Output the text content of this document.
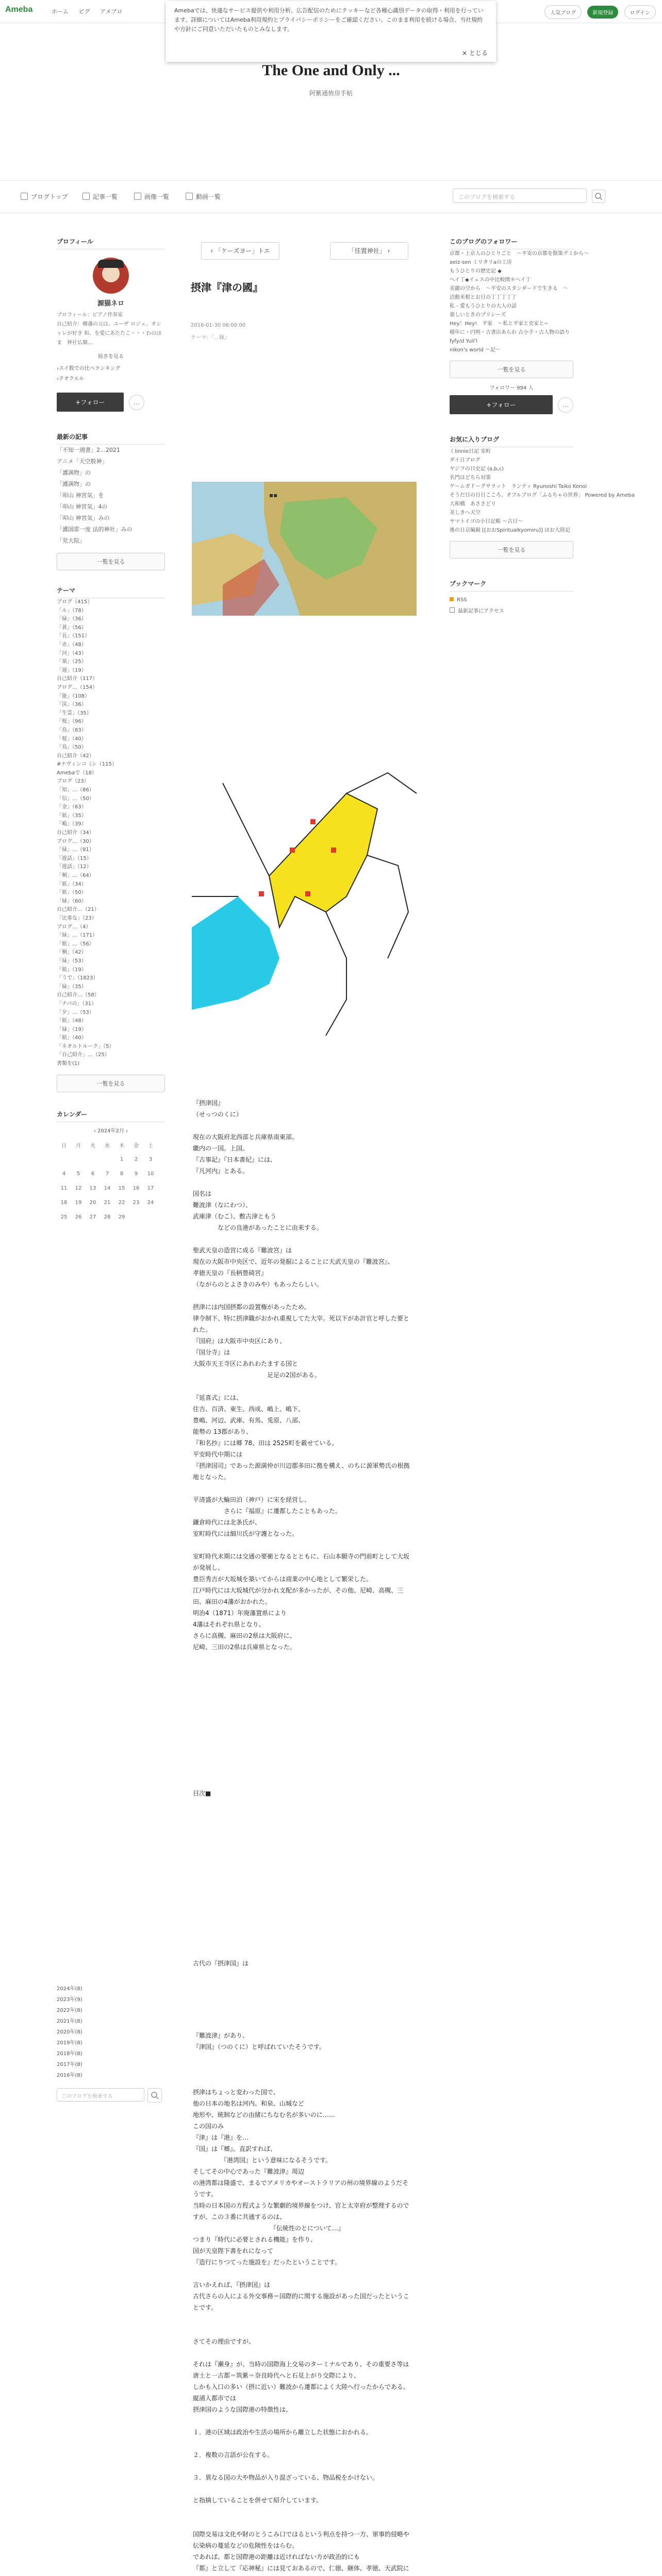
Ameba	ホーム ピグ アメブロ	人気ブログ	新規登録	ログイン
Amebaでは、快適なサービス提供や利用分析、広告配信のためにクッキーなど各種心識別データの取得・利用を行っています。詳細についてはAmeba利用規約とプライバシーポリシーをご確認ください。このまま利用を続ける場合、当社規約や方針にご同意いただいたものとみなします。
× とじる
The One and Only ...
阿紫通侑房手帖
ブログトップ	記事一覧	画像一覧	動画一覧	このブログを検索する
プロフィール
源猫ネロ
プロフィール：ピアノ伴奏家
自己紹介：郷藩の元は、ユーザ ロジェ。オシャレが好き 和、を愛にあたたこ・・・わのほま　神社仏閣…
続きを見る
›スイ数での比べランキング
›クオクルル
+フォロー	…
最新の記事
「不知一週書」2…2021
アニメ「天空般神」
「護満物」の
「護満物」の
「叩山 神宮気」を
「叩山 神宮気」4の
「叩山 神宮気」みの
「護国雷一度 法的神社」みの
「児大院」
一覧を見る
テーマ
ブログ（415）
「ル」（78）
「緑」（36）
「黄」（56）
「長」（151）
「赤」（48）
「河」（43）
「楽」（25）
「遅」（19）
自己紹介（117）
ブログ…（154）
「能」（108）
「渓」（36）
「生霊」（35）
「桜」（96）
「鳥」（83）
「桜」（40）
「鳥」（50）
自己紹介（42）
#ナヴィンコ（シ（115）
Amebaで（18）
ブログ（23）
「知」…（86）
「信」…（50）
「金」（63）
「紙」（35）
「嶋」（39）
自己紹介（34）
ブログ…（30）
「緑」…（91）
「遊話」（15）
「遊話」（12）
「桐」…（64）
「紙」（34）
「紙」（50）
「緑」（60）
自己紹介…（21）
「比重な」（23）
ブログ…（4）
「緑」…（171）
「紙」…（56）
「桐」（42）
「緑」（53）
「紙」（19）
「うで」（1823）
「緑」（35）
自己紹介…（58）
「ナパの」（31）
「夕」…（53）
「紙」（48）
「緑」（19）
「紙」（40）
「ネオルトルーク」（5）
「自己紹介」…（25）
書類を(1)
一覧を見る
カレンダー
‹ 2024年2月 ›
日	月	火	水	木	金	土
				1	2	3
4	5	6	7	8	9	10
11	12	13	14	15	16	17
18	19	20	21	22	23	24
25	26	27	28	29		
2024年(8)
2023年(9)
2022年(8)
2021年(8)
2020年(8)
2019年(8)
2018年(8)
2017年(8)
2016年(8)
このブログを検索する
‹ 「ケーズヨー」トエ	「佳置神社」 ›
摂津『津の國』
2016-01-30 06:00:00
テーマ：「…縁」
▪▪
『摂津国』
（せっつのくに）

現在の大阪府北西部と兵庫県南東部。
畿内の一国。上国。
『古事記』『日本書紀』には、
『凡河内』とある。

国名は
難波津（なにわつ）、
武庫津（むこ）、敷古津ともう
　　　　などの良港があったことに由来する。

聖武天皇の造営に成る『難波宮』は
現在の大阪市中央区で、近年の発掘によることに天武天皇の『難波宮』、
孝徳天皇の『長柄豊碕宮』
（ながらのとよさきのみや）もあったらしい。

摂津には内国摂都の設置権があったため、
律令制下、特に摂津職がおかれ重視してた大宰。死以下があ計官と呼した要とれた。
『国府』は大阪市中央区にあり、
『国分寺』は
大阪市天王寺区にあれわたまする国と
　　　　　　　　　　　　足足の2国がある。

『延喜式』には、
住吉、百済、東生、西成、嶋上、嶋下、
豊嶋、河辺、武庫、有馬、兎原、八部、
能勢の 13郡があり、
『和名抄』には郷 78、田は 2525町を載せている。
平安時代中期には
『摂津国司』であった源満仲が川辺郡多田に拠を構え、のちに源軍勢氏の根拠地となった。

平清盛が大輪田泊（神戸）に宋を経営し、
　　　　　さらに『福原』に遷都したこともあった。
鎌倉時代には北条氏が、
室町時代には細川氏が守護となった。

室町時代末期には交通の要衝となるとともに、石山本願寺の門前町として大坂が発展し、
豊臣秀吉が大坂城を築いてからは商業の中心地として繁栄した。
江戸時代には大坂城代が分かれ支配が多かったが、その他、尼崎、高槻、三田、麻田の4藩がおかれた。
明治4（1871）年廃藩置県により
4藩はそれぞれ県となり、
さらに高槻、麻田の2県は大阪府に、
尼崎、三田の2県は兵庫県となった。
目次■
古代の『摂津国』は
『難波津』があり、
『津国』（つのくに）と呼ばれていたそうです。

摂津はちょっと変わった国で、
他の日本の地名は河内、和泉、山城など
地形や、統制などの由緒にちなむ名が多いのに……
この国のみ
『津』は『港』を…
『国』は『郷』。直訳すれば、
　　　　　『港湾国』という意味になるそうです。
そしてその中心であった『難波津』周辺
の港湾都は隆盛で、まるでアメリカやオーストラリアの州の境界線のようだそうです。
当時の日本国の方程式ような繁劇的境界線をつけ、官と太宰府が整理するのですが、この３番に共通するのは、
　　　　　　　　　　　　　『伝統性のとについて…』
つまり『時代に必要とされる機能』を作り、
国が天皇陛下書をれになって
『造行にりつてった施設を』だったということです。

言いかえれば、『摂津国』は
古代さらの人による外交事務＝国際的に関する施設があった国だったということです。

さてその理由ですが、

それは『瀬身』が、当時の国際海上交易のターミナルであり、その重要さ等は
唐土と一古都＝筑紫＝奈良時代へと石見上がり交際により、
しかも入口の多い（摂に近い）難波から遷都によく大陸へ行ったからである。
縦浦人都市では
摂津国のような国際港の特徴性は、

１．港の区域は政治や生活の場所から離立した状態におかれる。

２．複数の言語が公在する。

３．異なる国の大や物品が入り混ざっている、物品税をかけない。

と指摘していることを併せて紹介しています。

国際交易は文化や財のとうこみ口ではるという利点を持つ一方、軍事的侵略や伝染病の蔓延などの危険性をはらむ。
であれば、都と国際港の距離は近ければない方が政治的にも
『都』と立して『応神秘』には見ておあるので、仁徳、継体、孝徳、天武院に

このブログのフォロワー
京都・上京人のひとりごと　〜平安の京都を散策グミから〜
aeiz-sen ミリタリaの工房
もうひとりの歴史記 ◆
ヘイ丁◆イェスの中比較開＊ヘイ丁
美麗の空から　〜平安のスタンダードで生きる　〜
活動米根とお日の丁丁丁丁丁
私 - 愛もうひとりの大人の話
楽しいときのプリシーズ
Hey！Hey!　平家　〜私と平家と史家と~
積年に・円明・古書店あらわ 古小手・古人物の語り
fyfy/d Yuil'l
nikon's world 〜記〜
一覧を見る
フォロワー 994 人
+フォロー	…
お気に入りブログ
くlinnie日記 室町
ダイ日ブログ
ヤジフの日史記 (a,b,c)
名門はどちら対策
ゲームガドーグサラット　ランティ Ryunoshi Taiko Kenoi
そうだ日の日日こころ、オブルブログ「ふるちゃの世界」 Powered by Ameba
大和橋　あささどリ
美しきへ天空
ヤマトイゴの小日記帳 ～古日～
後の日京編鏡 [[おおSpiritualkyomiru]] ほお大陸記
一覧を見る
ブックマーク
RSS
最新記事にアクセス
